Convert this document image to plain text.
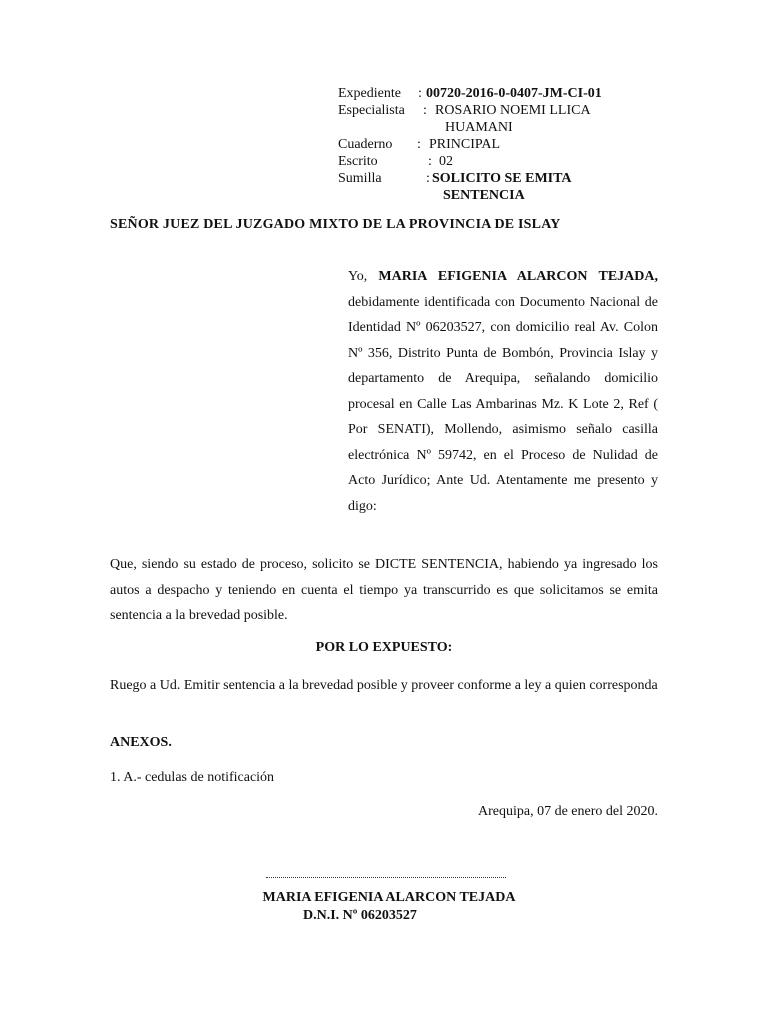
Expediente : 00720-2016-0-0407-JM-CI-01
Especialista : ROSARIO NOEMI LLICA
HUAMANI
Cuaderno : PRINCIPAL
Escrito	: 02
Sumilla	: SOLICITO SE EMITA
SENTENCIA
SEÑOR JUEZ DEL JUZGADO MIXTO DE LA PROVINCIA DE ISLAY
Yo, MARIA EFIGENIA ALARCON TEJADA, debidamente identificada con Documento Nacional de Identidad Nº 06203527, con domicilio real Av. Colon Nº 356, Distrito Punta de Bombón, Provincia Islay y departamento de Arequipa, señalando domicilio procesal en Calle Las Ambarinas Mz. K Lote 2, Ref ( Por SENATI), Mollendo, asimismo señalo casilla electrónica Nº 59742, en el Proceso de Nulidad de Acto Jurídico; Ante Ud. Atentamente me presento y digo:
Que, siendo su estado de proceso, solicito se DICTE SENTENCIA, habiendo ya ingresado los autos a despacho y teniendo en cuenta el tiempo ya transcurrido es que solicitamos se emita sentencia a la brevedad posible.
POR LO EXPUESTO:
Ruego a Ud. Emitir sentencia a la brevedad posible y proveer conforme a ley a quien corresponda
ANEXOS.
1. A.- cedulas de notificación
Arequipa, 07 de enero del 2020.
MARIA EFIGENIA ALARCON TEJADA
D.N.I. Nº 06203527
